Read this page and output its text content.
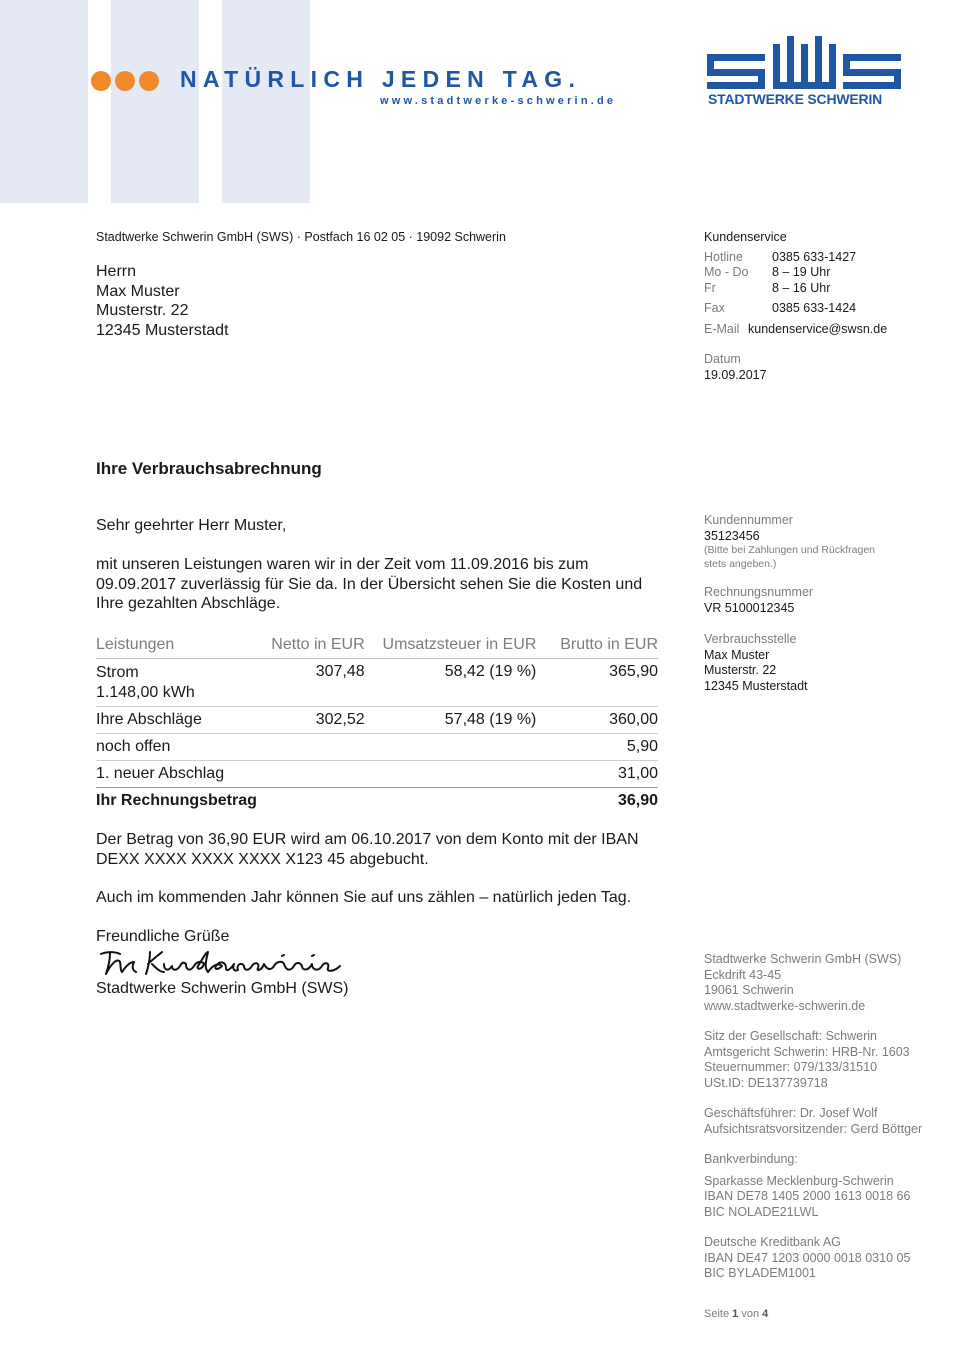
NATÜRLICH JEDEN TAG.
www.stadtwerke-schwerin.de	STADTWERKE SCHWERIN
Stadtwerke Schwerin GmbH (SWS) · Postfach 16 02 05 · 19092 Schwerin
Herrn
Max Muster
Musterstr. 22
12345 Musterstadt
Kundenservice
Hotline	0385 633-1427
Mo - Do	8 – 19 Uhr
Fr	8 – 16 Uhr
Fax	0385 633-1424
E-Mail kundenservice@swsn.de
Datum
19.09.2017
Ihre Verbrauchsabrechnung
Sehr geehrter Herr Muster,
mit unseren Leistungen waren wir in der Zeit vom 11.09.2016 bis zum 09.09.2017 zuverlässig für Sie da. In der Übersicht sehen Sie die Kosten und Ihre gezahlten Abschläge.
Leistungen	Netto in EUR	Umsatzsteuer in EUR	Brutto in EUR

Strom
1.148,00 kWh	307,48	58,42 (19 %)	365,90
Ihre Abschläge	302,52	57,48 (19 %)	360,00
noch offen			5,90
1. neuer Abschlag			31,00
Ihr Rechnungsbetrag			36,90
Der Betrag von 36,90 EUR wird am 06.10.2017 von dem Konto mit der IBAN DEXX XXXX XXXX XXXX X123 45 abgebucht.
Auch im kommenden Jahr können Sie auf uns zählen – natürlich jeden Tag.
Freundliche Grüße
Stadtwerke Schwerin GmbH (SWS)
Kundennummer
35123456
(Bitte bei Zahlungen und Rückfragen
stets angeben.)
Rechnungsnummer
VR 5100012345
Verbrauchsstelle
Max Muster
Musterstr. 22
12345 Musterstadt
Stadtwerke Schwerin GmbH (SWS)
Eckdrift 43-45
19061 Schwerin
www.stadtwerke-schwerin.de
Sitz der Gesellschaft: Schwerin
Amtsgericht Schwerin: HRB-Nr. 1603
Steuernummer: 079/133/31510
USt.ID: DE137739718
Geschäftsführer: Dr. Josef Wolf
Aufsichtsratsvorsitzender: Gerd Böttger
Bankverbindung:
Sparkasse Mecklenburg-Schwerin
IBAN DE78 1405 2000 1613 0018 66
BIC NOLADE21LWL
Deutsche Kreditbank AG
IBAN DE47 1203 0000 0018 0310 05
BIC BYLADEM1001
Seite 1 von 4
